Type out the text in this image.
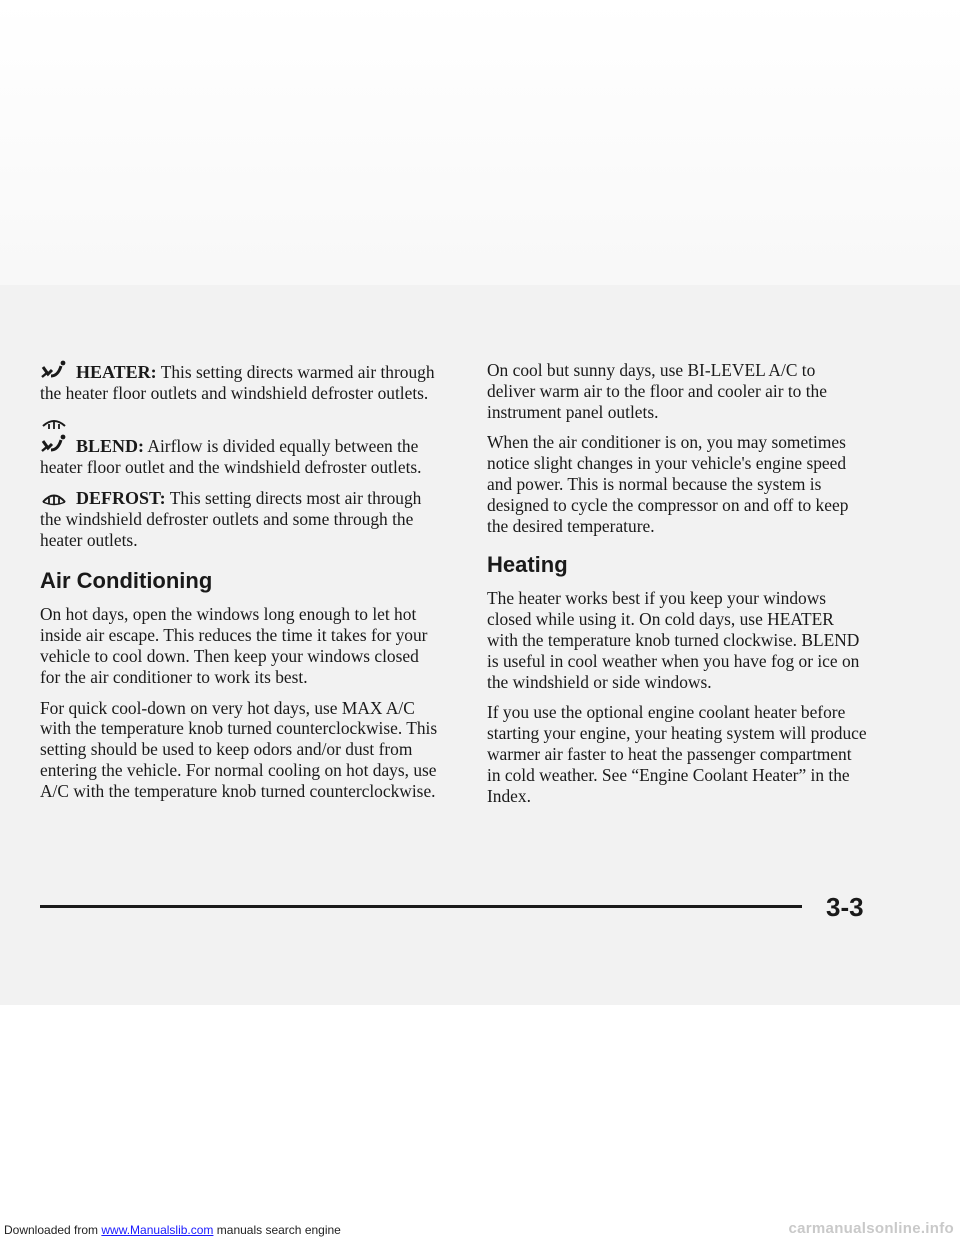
HEATER: This setting directs warmed air through the heater floor outlets and windshield defroster outlets.

BLEND: Airflow is divided equally between the heater floor outlet and the windshield defroster outlets.

DEFROST: This setting directs most air through the windshield defroster outlets and some through the heater outlets.

Air Conditioning

On hot days, open the windows long enough to let hot inside air escape. This reduces the time it takes for your vehicle to cool down. Then keep your windows closed for the air conditioner to work its best.

For quick cool-down on very hot days, use MAX A/C with the temperature knob turned counterclockwise. This setting should be used to keep odors and/or dust from entering the vehicle. For normal cooling on hot days, use A/C with the temperature knob turned counterclockwise.

On cool but sunny days, use BI-LEVEL A/C to deliver warm air to the floor and cooler air to the instrument panel outlets.

When the air conditioner is on, you may sometimes notice slight changes in your vehicle's engine speed and power. This is normal because the system is designed to cycle the compressor on and off to keep the desired temperature.

Heating

The heater works best if you keep your windows closed while using it. On cold days, use HEATER with the temperature knob turned clockwise. BLEND is useful in cool weather when you have fog or ice on the windshield or side windows.

If you use the optional engine coolant heater before starting your engine, your heating system will produce warmer air faster to heat the passenger compartment in cold weather. See “Engine Coolant Heater” in the Index.

3-3
Downloaded from www.Manualslib.com manuals search engine	carmanualsonline.info
